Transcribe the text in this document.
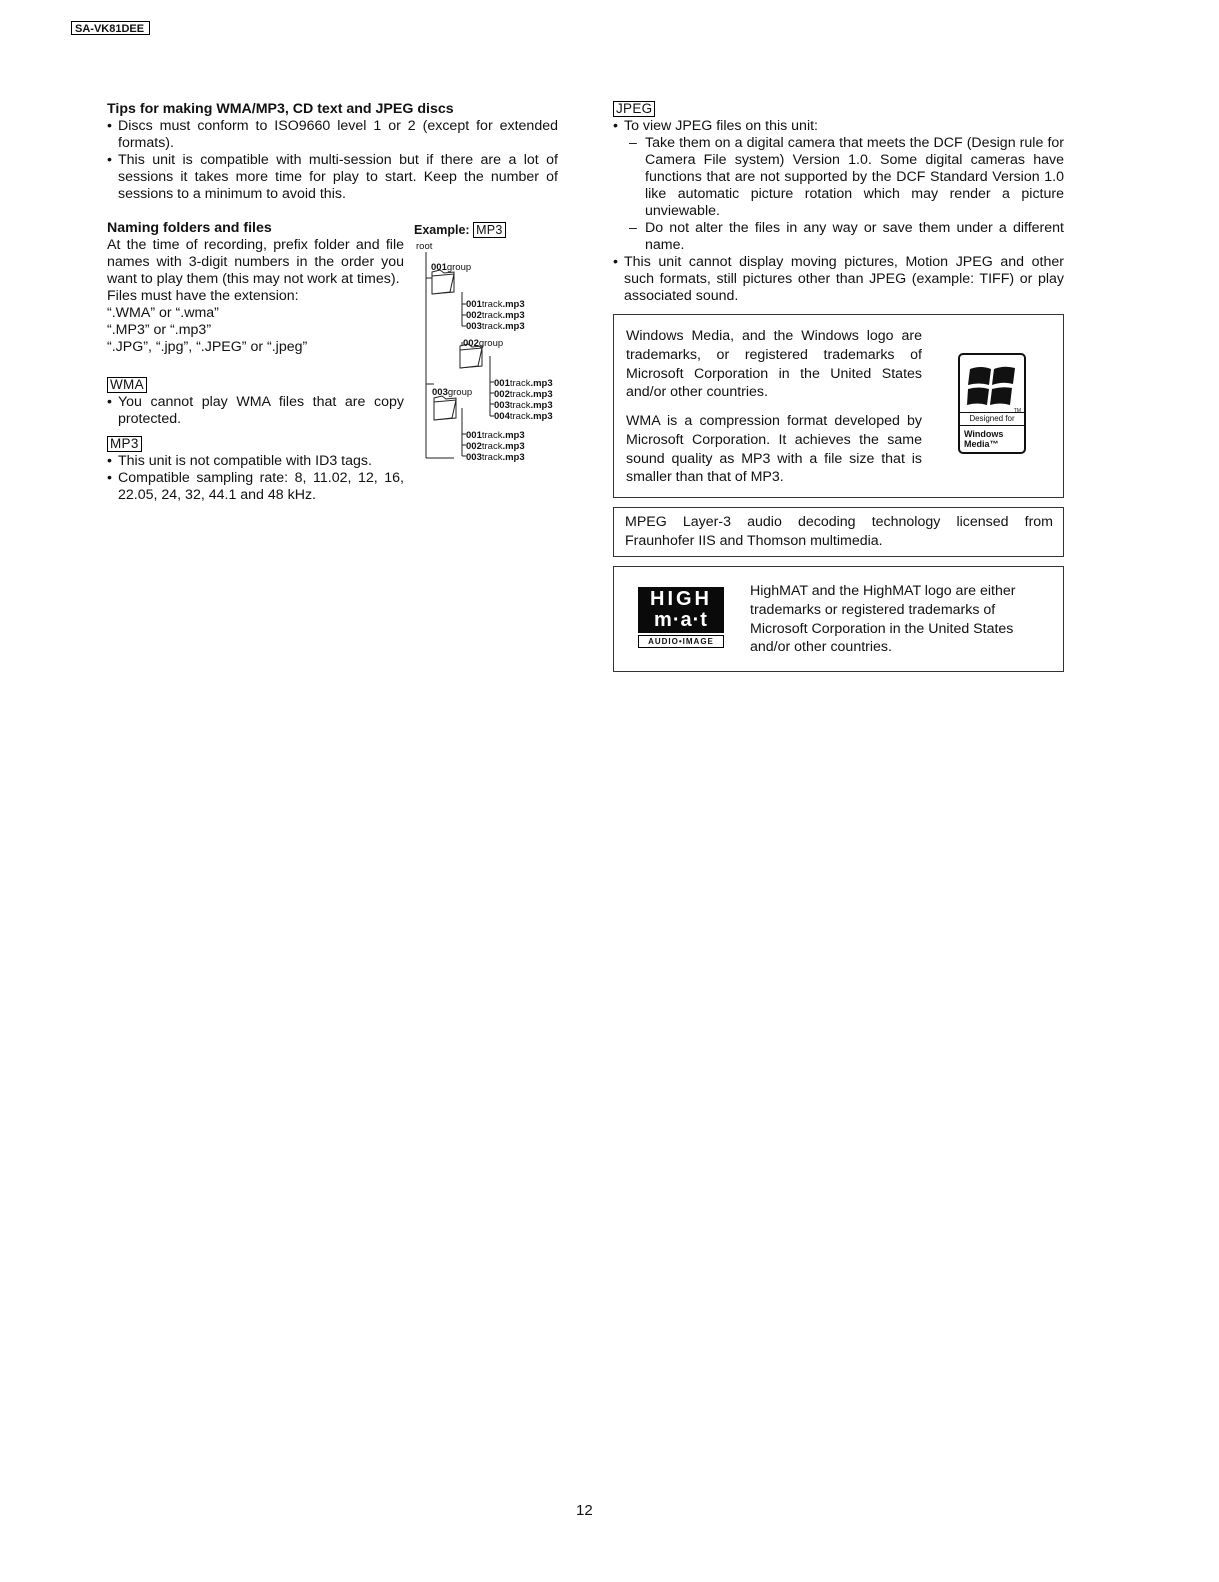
SA-VK81DEE
Tips for making WMA/MP3, CD text and JPEG discs
• Discs must conform to ISO9660 level 1 or 2 (except for extended formats).
• This unit is compatible with multi-session but if there are a lot of sessions it takes more time for play to start. Keep the number of sessions to a minimum to avoid this.
Naming folders and files
At the time of recording, prefix folder and file names with 3-digit numbers in the order you want to play them (this may not work at times).
Files must have the extension:
“.WMA” or “.wma”
“.MP3” or “.mp3”
“.JPG”, “.jpg”, “.JPEG” or “.jpeg”
WMA
• You cannot play WMA files that are copy protected.
MP3
• This unit is not compatible with ID3 tags.
• Compatible sampling rate: 8, 11.02, 12, 16, 22.05, 24, 32, 44.1 and 48 kHz.
Example: MP3
root
001group
001track.mp3
002track.mp3
003track.mp3
002group
001track.mp3
002track.mp3
003track.mp3
004track.mp3
003group
001track.mp3
002track.mp3
003track.mp3
JPEG
• To view JPEG files on this unit:
– Take them on a digital camera that meets the DCF (Design rule for Camera File system) Version 1.0. Some digital cameras have functions that are not supported by the DCF Standard Version 1.0 like automatic picture rotation which may render a picture unviewable.
– Do not alter the files in any way or save them under a different name.
• This unit cannot display moving pictures, Motion JPEG and other such formats, still pictures other than JPEG (example: TIFF) or play associated sound.
Windows Media, and the Windows logo are trademarks, or registered trademarks of Microsoft Corporation in the United States and/or other countries.
WMA is a compression format developed by Microsoft Corporation. It achieves the same sound quality as MP3 with a file size that is smaller than that of MP3.
TM
Designed for
Windows
Media™
MPEG Layer-3 audio decoding technology licensed from Fraunhofer IIS and Thomson multimedia.
HIGH
m·a·t
AUDIO•IMAGE
HighMAT and the HighMAT logo are either trademarks or registered trademarks of Microsoft Corporation in the United States and/or other countries.
12
